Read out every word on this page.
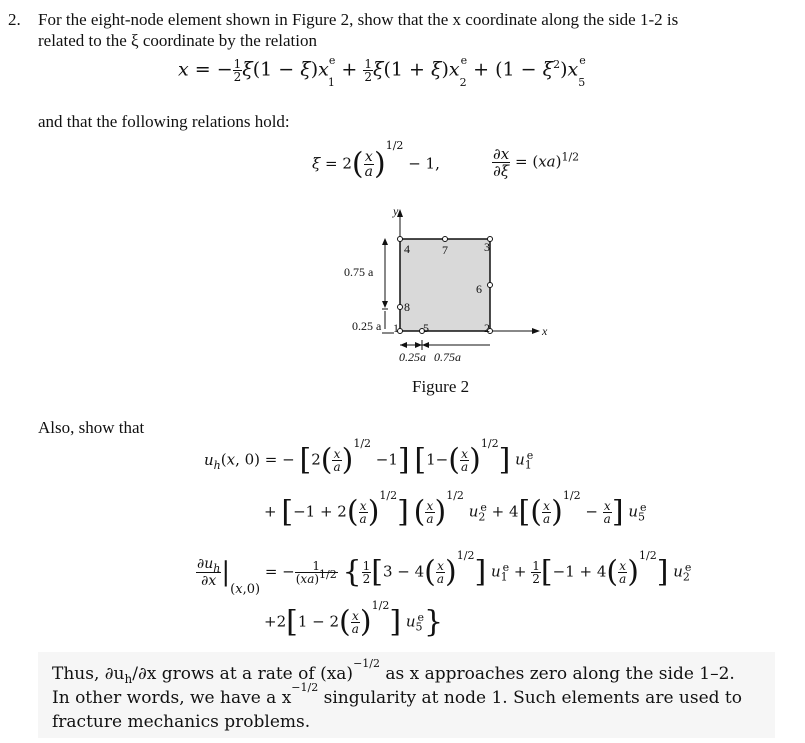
2. For the eight-node element shown in Figure 2, show that the x coordinate along the side 1-2 is
related to the ξ coordinate by the relation
x = − $\frac{1}{2} \xi(1 - \xi)x_1^e + \frac{1}{2} \xi(1 + \xi)x_2^e + (1 - \xi^2)x_5^e$
and that the following relations hold:
$\xi = 2( \frac{x}{a} )^{1/2} - 1$,	$\frac{\partial x}{\partial\xi} = (xa)^{1/2}$
y
x
0.75 a
0.25 a
0.25a 0.75a
1	2
3
4
5
6
7
8
Figure 2
Also, show that
$u_h(x$, 0) = − $[2( \frac{x}{a} )^{1/2} -1]$ $[1-( \frac{x}{a} )^{1/2}]$ $u_1^e$
+ $[-1 + 2( \frac{x}{a} )^{1/2}]$ ( $\frac{x}{a} )^{1/2}$ $u_2^e + 4[( \frac{x}{a} )^{1/2} - \frac{x}{a}$ ] $u_5^e$
$\frac{\partial u_h}{\partial x} |_{(x,0)}$ = − $\frac{1}{(xa)^{1/2}}$ { $\frac{1}{2} [3 - 4( \frac{x}{a} )^{1/2}] u_1^e + \frac{1}{2} [-1 + 4( \frac{x}{a} )^{1/2}]$ $u_2^e$
$+2[1 - 2( \frac{x}{a} )^{1/2}]$ $u_5^e$}
Thus, $\partial u_h/\partial x$ grows at a rate of (xa)$^{-1/2}$ as x approaches zero along the side 1–2.
In other words, we have a $x^{-1/2}$ singularity at node 1. Such elements are used to
fracture mechanics problems.
